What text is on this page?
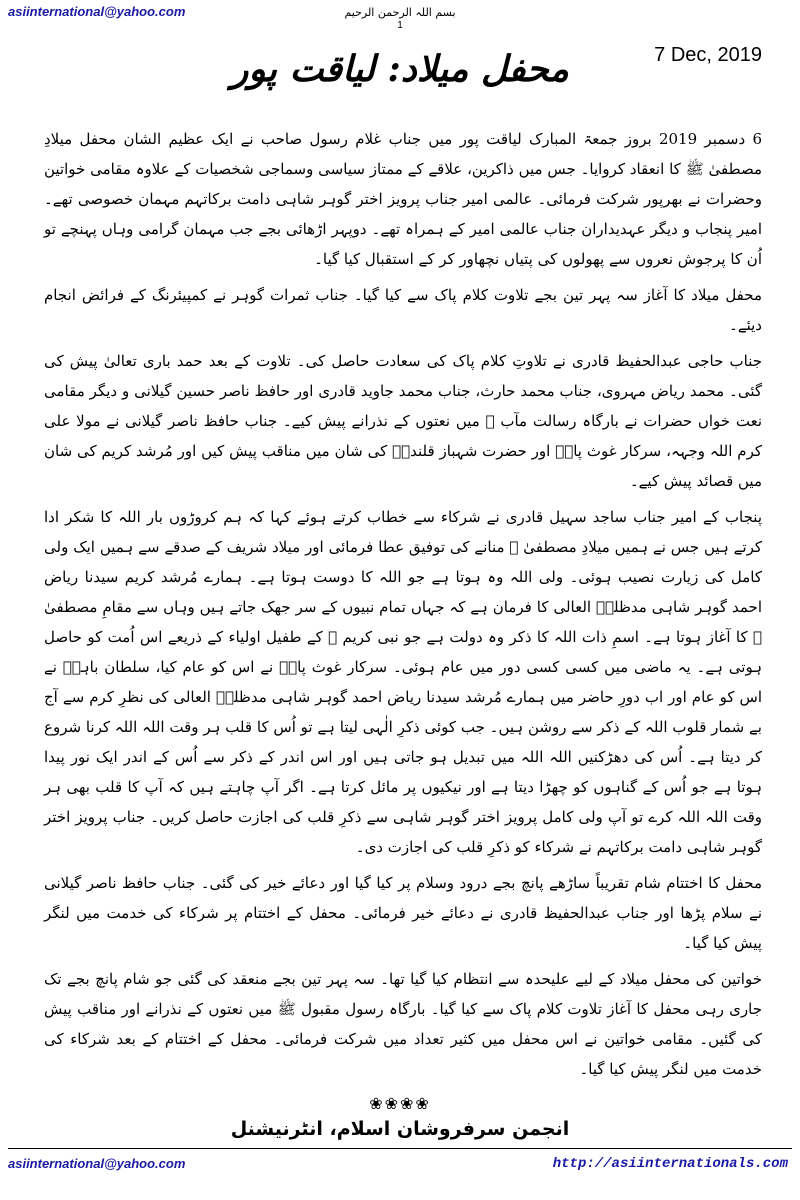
asiinternational@yahoo.com	بسم اللہ الرحمن الرحیم
1
7 Dec, 2019
محفل میلاد: لیاقت پور

6 دسمبر 2019 بروز جمعۃ المبارک لیاقت پور میں جناب غلام رسول صاحب نے ایک عظیم الشان محفل میلادِ مصطفیٰ ﷺ کا انعقاد کروایا۔ جس میں ذاکرین، علاقے کے ممتاز سیاسی وسماجی شخصیات کے علاوہ مقامی خواتین وحضرات نے بھرپور شرکت فرمائی۔ عالمی امیر جناب پرویز اختر گوہر شاہی دامت برکاتہم مہمان خصوصی تھے۔ امیر پنجاب و دیگر عہدیداران جناب عالمی امیر کے ہمراہ تھے۔ دوپہر اڑھائی بجے جب مہمان گرامی وہاں پہنچے تو اُن کا پرجوش نعروں سے پھولوں کی پتیاں نچھاور کر کے استقبال کیا گیا۔

محفل میلاد کا آغاز سہ پہر تین بجے تلاوت کلام پاک سے کیا گیا۔ جناب ثمرات گوہر نے کمپیئرنگ کے فرائض انجام دیئے۔

جناب حاجی عبدالحفیظ قادری نے تلاوتِ کلام پاک کی سعادت حاصل کی۔ تلاوت کے بعد حمد باری تعالیٰ پیش کی گئی۔ محمد ریاض مہروی، جناب محمد حارث، جناب محمد جاوید قادری اور حافظ ناصر حسین گیلانی و دیگر مقامی نعت خواں حضرات نے بارگاہ رسالت مآب ﷺ میں نعتوں کے نذرانے پیش کیے۔ جناب حافظ ناصر گیلانی نے مولا علی کرم اللہ وجہہ، سرکار غوث پاکؓ اور حضرت شہباز قلندرؒ کی شان میں مناقب پیش کیں اور مُرشد کریم کی شان میں قصائد پیش کیے۔

پنجاب کے امیر جناب ساجد سہیل قادری نے شرکاء سے خطاب کرتے ہوئے کہا کہ ہم کروڑوں بار اللہ کا شکر ادا کرتے ہیں جس نے ہمیں میلادِ مصطفیٰ ﷺ منانے کی توفیق عطا فرمائی اور میلاد شریف کے صدقے سے ہمیں ایک ولی کامل کی زیارت نصیب ہوئی۔ ولی اللہ وہ ہوتا ہے جو اللہ کا دوست ہوتا ہے۔ ہمارے مُرشد کریم سیدنا ریاض احمد گوہر شاہی مدظلہٗ العالی کا فرمان ہے کہ جہاں تمام نبیوں کے سر جھک جاتے ہیں وہاں سے مقامِ مصطفیٰ ﷺ کا آغاز ہوتا ہے۔ اسمِ ذات اللہ کا ذکر وہ دولت ہے جو نبی کریم ﷺ کے طفیل اولیاء کے ذریعے اس اُمت کو حاصل ہوتی ہے۔ یہ ماضی میں کسی کسی دور میں عام ہوئی۔ سرکار غوث پاکؓ نے اس کو عام کیا، سلطان باہوؒ نے اس کو عام اور اب دورِ حاضر میں ہمارے مُرشد سیدنا ریاض احمد گوہر شاہی مدظلہٗ العالی کی نظرِ کرم سے آج بے شمار قلوب اللہ کے ذکر سے روشن ہیں۔ جب کوئی ذکرِ الٰہی لیتا ہے تو اُس کا قلب ہر وقت اللہ اللہ کرنا شروع کر دیتا ہے۔ اُس کی دھڑکنیں اللہ اللہ میں تبدیل ہو جاتی ہیں اور اس اندر کے ذکر سے اُس کے اندر ایک نور پیدا ہوتا ہے جو اُس کے گناہوں کو چھڑا دیتا ہے اور نیکیوں پر مائل کرتا ہے۔ اگر آپ چاہتے ہیں کہ آپ کا قلب بھی ہر وقت اللہ اللہ کرے تو آپ ولی کامل پرویز اختر گوہر شاہی سے ذکرِ قلب کی اجازت حاصل کریں۔ جناب پرویز اختر گوہر شاہی دامت برکاتہم نے شرکاء کو ذکرِ قلب کی اجازت دی۔

محفل کا اختتام شام تقریباً ساڑھے پانچ بجے درود وسلام پر کیا گیا اور دعائے خیر کی گئی۔ جناب حافظ ناصر گیلانی نے سلام پڑھا اور جناب عبدالحفیظ قادری نے دعائے خیر فرمائی۔ محفل کے اختتام پر شرکاء کی خدمت میں لنگر پیش کیا گیا۔

خواتین کی محفل میلاد کے لیے علیحدہ سے انتظام کیا گیا تھا۔ سہ پہر تین بجے منعقد کی گئی جو شام پانچ بجے تک جاری رہی محفل کا آغاز تلاوت کلام پاک سے کیا گیا۔ بارگاہ رسول مقبول ﷺ میں نعتوں کے نذرانے اور مناقب پیش کی گئیں۔ مقامی خواتین نے اس محفل میں کثیر تعداد میں شرکت فرمائی۔ محفل کے اختتام کے بعد شرکاء کی خدمت میں لنگر پیش کیا گیا۔

❀❀❀❀
انجمن سرفروشان اسلام، انٹرنیشنل
asiinternational@yahoo.com	http://asiinternationals.com
